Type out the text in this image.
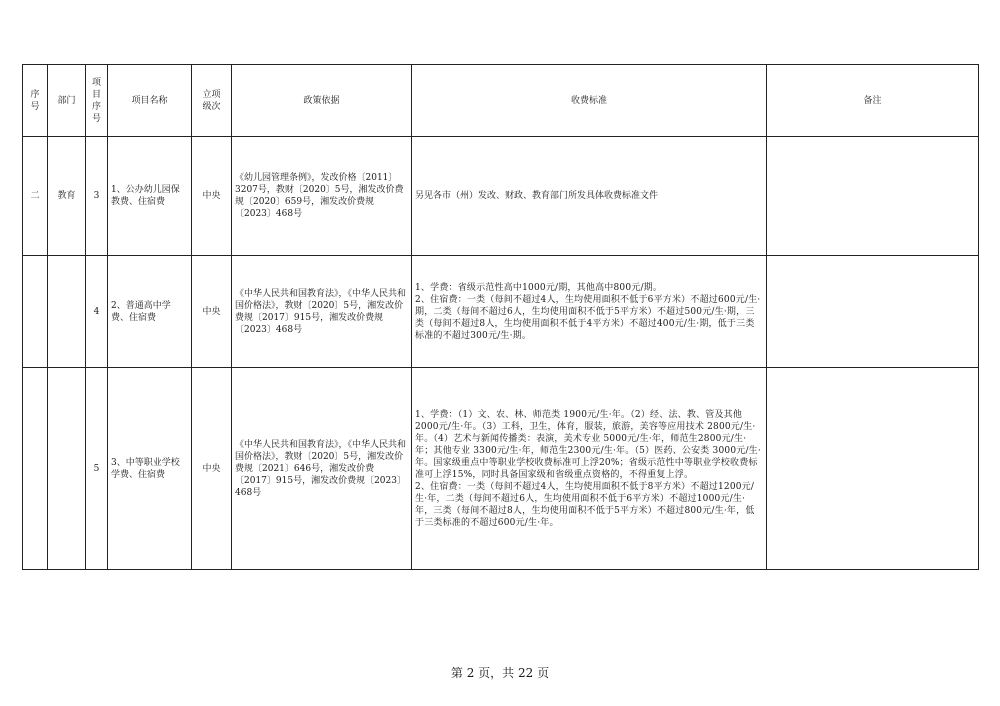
序号	部门	项目序号	项目名称	立项级次	政策依据	收费标准	备注
二	教育	3	1、公办幼儿园保教费、住宿费	中央	《幼儿园管理条例》，发改价格〔2011〕3207号，教财〔2020〕5号，湘发改价费规〔2020〕659号，湘发改价费规〔2023〕468号	另见各市（州）发改、财政、教育部门所发具体收费标准文件	
		4	2、普通高中学费、住宿费	中央	《中华人民共和国教育法》，《中华人民共和国价格法》，教财〔2020〕5号，湘发改价费规〔2017〕915号，湘发改价费规〔2023〕468号	1、学费：省级示范性高中1000元/期，其他高中800元/期。
2、住宿费：一类（每间不超过4人，生均使用面积不低于6平方米）不超过600元/生·期，二类（每间不超过6人，生均使用面积不低于5平方米）不超过500元/生·期，三类（每间不超过8人，生均使用面积不低于4平方米）不超过400元/生·期，低于三类标准的不超过300元/生·期。	
		5	3、中等职业学校学费、住宿费	中央	《中华人民共和国教育法》，《中华人民共和国价格法》，教财〔2020〕5号，湘发改价费规〔2021〕646号，湘发改价费〔2017〕915号，湘发改价费规〔2023〕468号	1、学费：（1）文、农、林、师范类 1900元/生·年。（2）经、法、教、管及其他 2000元/生·年。（3）工科，卫生，体育，服装，旅游，美容等应用技术 2800元/生·年。（4）艺术与新闻传播类：表演，美术专业 5000元/生·年，师范生2800元/生·年；其他专业 3300元/生·年，师范生2300元/生·年。（5）医药、公安类 3000元/生·年。国家级重点中等职业学校收费标准可上浮20%；省级示范性中等职业学校收费标准可上浮15%，同时具备国家级和省级重点资格的，不得重复上浮。
2、住宿费：一类（每间不超过4人，生均使用面积不低于8平方米）不超过1200元/生·年，二类（每间不超过6人，生均使用面积不低于6平方米）不超过1000元/生·年，三类（每间不超过8人，生均使用面积不低于5平方米）不超过800元/生·年，低于三类标准的不超过600元/生·年。	
第 2 页，共 22 页
